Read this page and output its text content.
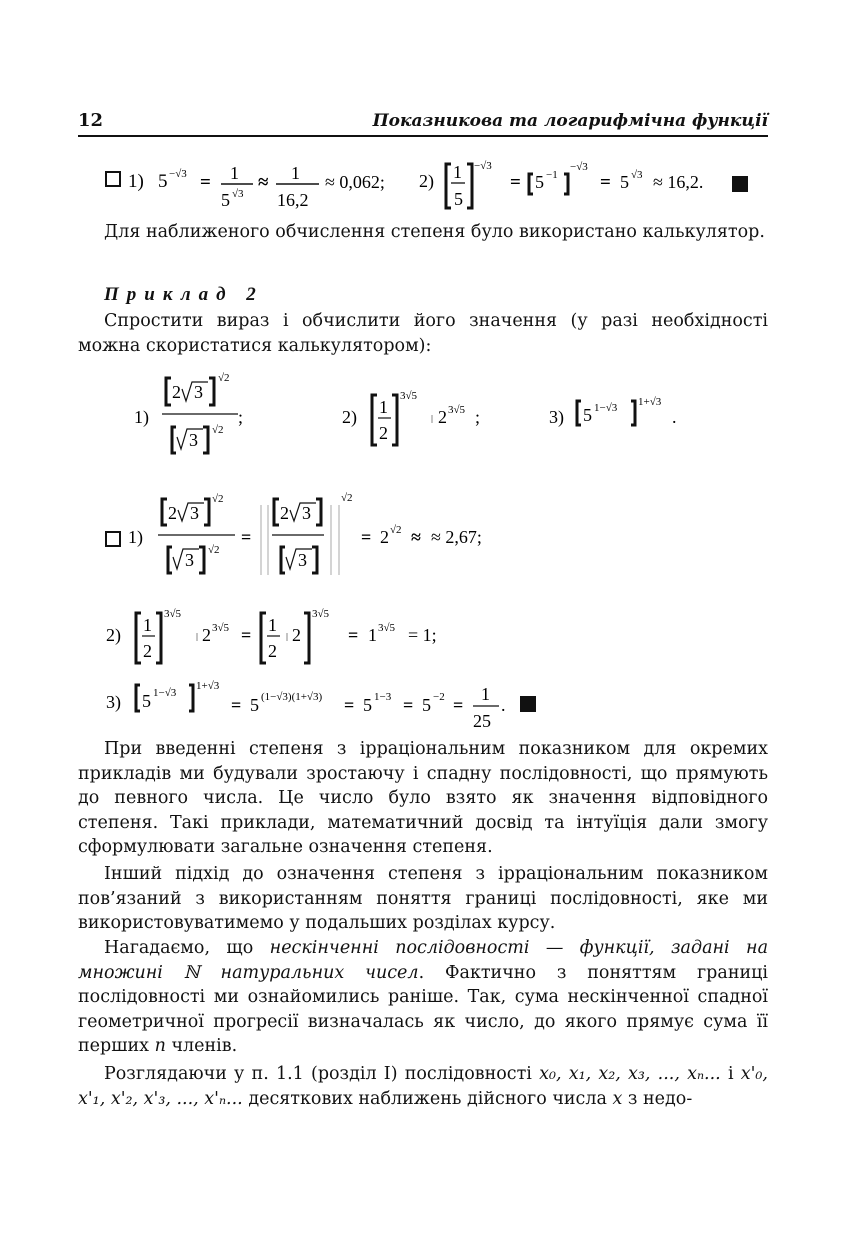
12	Показникова та логарифмічна функції
1) 5 −√3 = 1
5 √3
≈ 1
16,2
≈ 0,062; 2) 1
5
−√3
= 5 −1
−√3
= 5 √3 ≈ 16,2.
Для наближеного обчислення степеня було використано калькулятор.
Приклад 2
Спростити вираз і обчислити його значення (у разі необхідності можна скористатися калькулятором):
1)
2 3
√2
3 √2
;	2) 1
2
3√5
2 3√5 ;	3) 5 1−√3 1+√3
.
1)
2 3
√2
3 √2
=
2 3
3
√2
= 2 √2 ≈ ≈ 2,67;
2) 1
2
3√5
2 3√5 = 1
2
2
3√5
= 1 3√5 = 1;
3) 5 1−√3
1+√3
= 5 (1−√3)(1+√3) = 5 1−3 = 5 −2 =
1
25
.
При введенні степеня з ірраціональним показником для окремих прикладів ми будували зростаючу і спадну послідовності, що прямують до певного числа. Це число було взято як значення відповідного степеня. Такі приклади, математичний досвід та інтуїція дали змогу сформулювати загальне означення степеня.
Інший підхід до означення степеня з ірраціональним показником пов’язаний з використанням поняття границі послідовності, яке ми використовуватимемо у подальших розділах курсу.
Нагадаємо, що нескінченні послідовності — функції, задані на множині ℕ натуральних чисел. Фактично з поняттям границі послідовності ми ознайомились раніше. Так, сума нескінченної спадної геометричної прогресії визначалась як число, до якого прямує сума її перших n членів.
Розглядаючи у п. 1.1 (розділ І) послідовності x₀, x₁, x₂, x₃, ..., xₙ... і x'₀, x'₁, x'₂, x'₃, ..., x'ₙ... десяткових наближень дійсного числа x з недо-
